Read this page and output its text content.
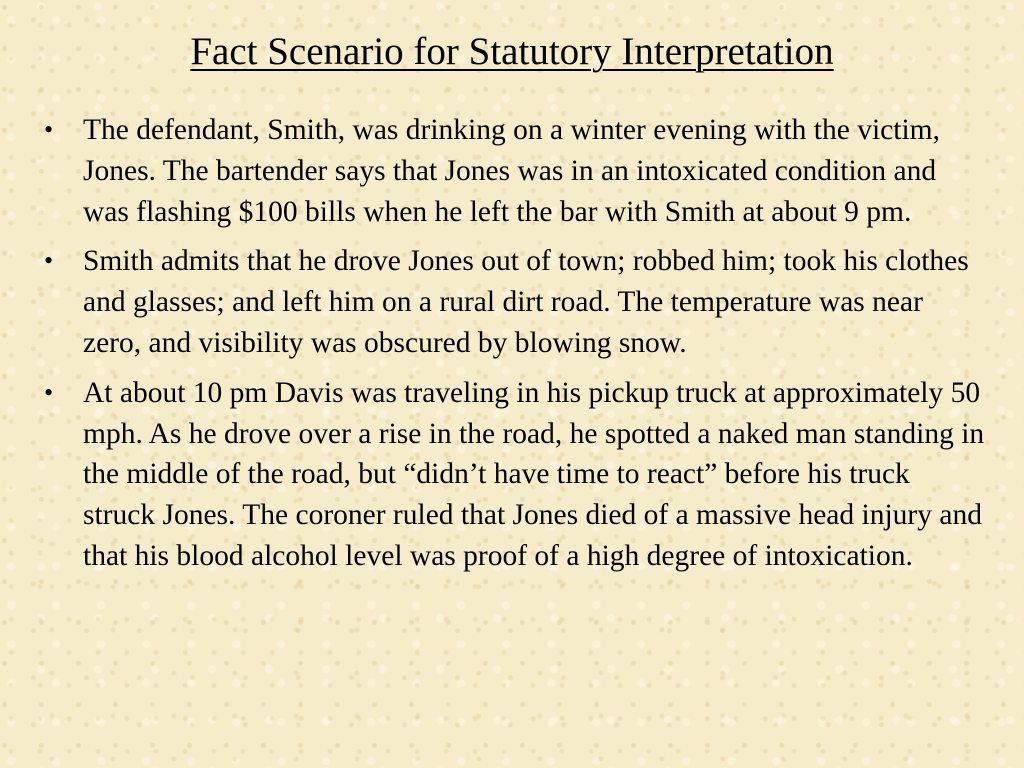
Fact Scenario for Statutory Interpretation
• The defendant, Smith, was drinking on a winter evening with the victim, Jones. The bartender says that Jones was in an intoxicated condition and was flashing $100 bills when he left the bar with Smith at about 9 pm.
• Smith admits that he drove Jones out of town; robbed him; took his clothes and glasses; and left him on a rural dirt road. The temperature was near zero, and visibility was obscured by blowing snow.
• At about 10 pm Davis was traveling in his pickup truck at approximately 50 mph. As he drove over a rise in the road, he spotted a naked man standing in the middle of the road, but “didn’t have time to react” before his truck struck Jones. The coroner ruled that Jones died of a massive head injury and that his blood alcohol level was proof of a high degree of intoxication.
